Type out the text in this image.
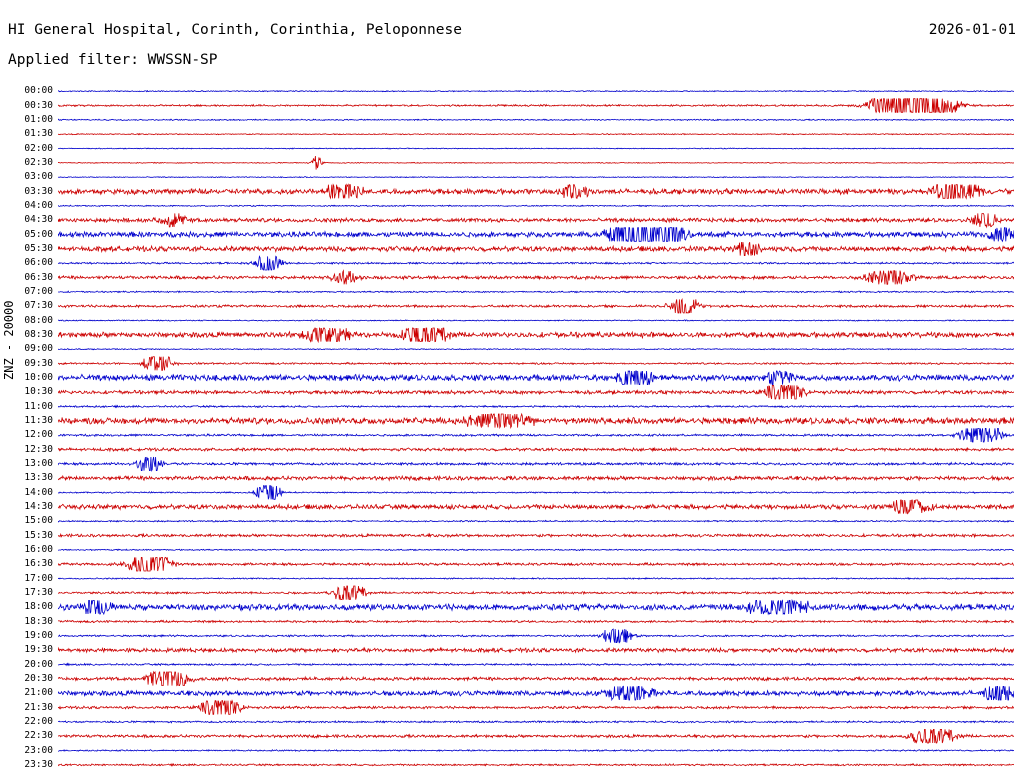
HI General Hospital, Corinth, Corinthia, Peloponnese	2026-01-01
Applied filter: WWSSN-SP
ZNZ - 20000
00:00
00:30
01:00
01:30
02:00
02:30
03:00
03:30
04:00
04:30
05:00
05:30
06:00
06:30
07:00
07:30
08:00
08:30
09:00
09:30
10:00
10:30
11:00
11:30
12:00
12:30
13:00
13:30
14:00
14:30
15:00
15:30
16:00
16:30
17:00
17:30
18:00
18:30
19:00
19:30
20:00
20:30
21:00
21:30
22:00
22:30
23:00
23:30
